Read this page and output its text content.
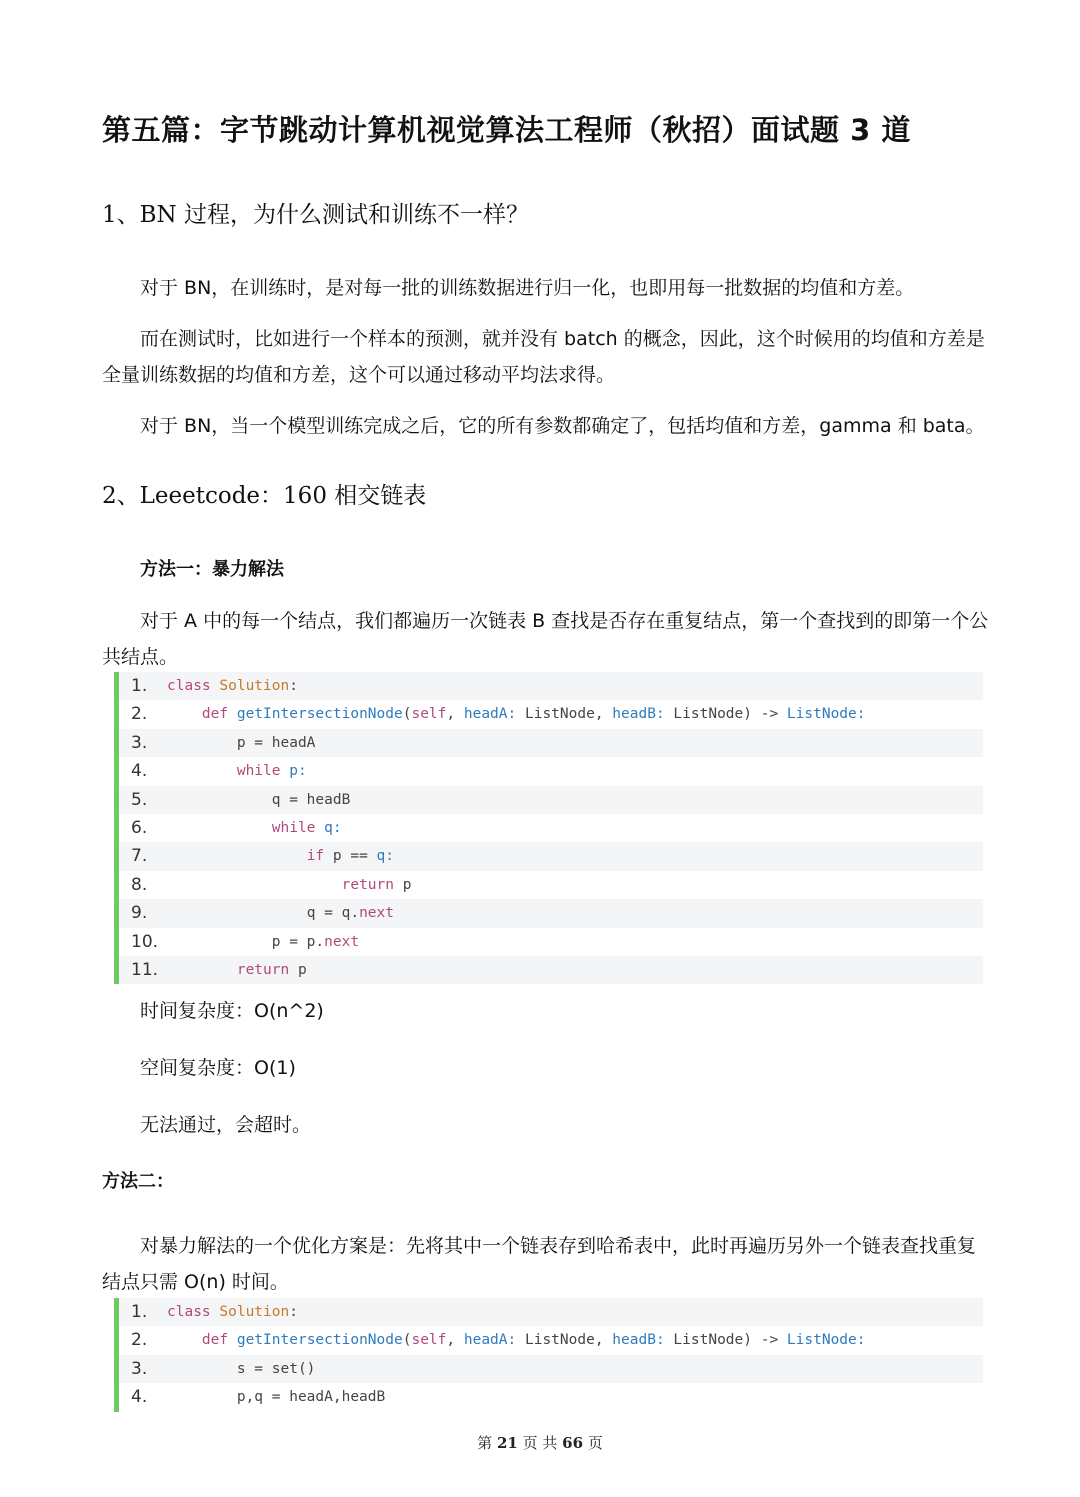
第五篇：字节跳动计算机视觉算法工程师（秋招）面试题 3 道
1、BN 过程，为什么测试和训练不一样？
对于 BN，在训练时，是对每一批的训练数据进行归一化，也即用每一批数据的均值和方差。
而在测试时，比如进行一个样本的预测，就并没有 batch 的概念，因此，这个时候用的均值和方差是
全量训练数据的均值和方差，这个可以通过移动平均法求得。
对于 BN，当一个模型训练完成之后，它的所有参数都确定了，包括均值和方差，gamma 和 bata。
2、Leeetcode：160 相交链表
方法一：暴力解法
对于 A 中的每一个结点，我们都遍历一次链表 B 查找是否存在重复结点，第一个查找到的即第一个公
共结点。

1.

	class Solution:

2.

	def getIntersectionNode(self, headA: ListNode, headB: ListNode) -> ListNode:

3.

	p = headA

4.

	while p:

5.

	q = headB

6.

	while q:

7.

	if p == q:

8.

	return p

9.

	q = q.next

10.

	p = p.next

11.

	return p

时间复杂度：O(n^2)
空间复杂度：O(1)
无法通过，会超时。
方法二：
对暴力解法的一个优化方案是：先将其中一个链表存到哈希表中，此时再遍历另外一个链表查找重复
结点只需 O(n) 时间。

1.

	class Solution:

2.

	def getIntersectionNode(self, headA: ListNode, headB: ListNode) -> ListNode:

3.

	s = set()

4.

	p,q = headA,headB

第 21 页 共 66 页
